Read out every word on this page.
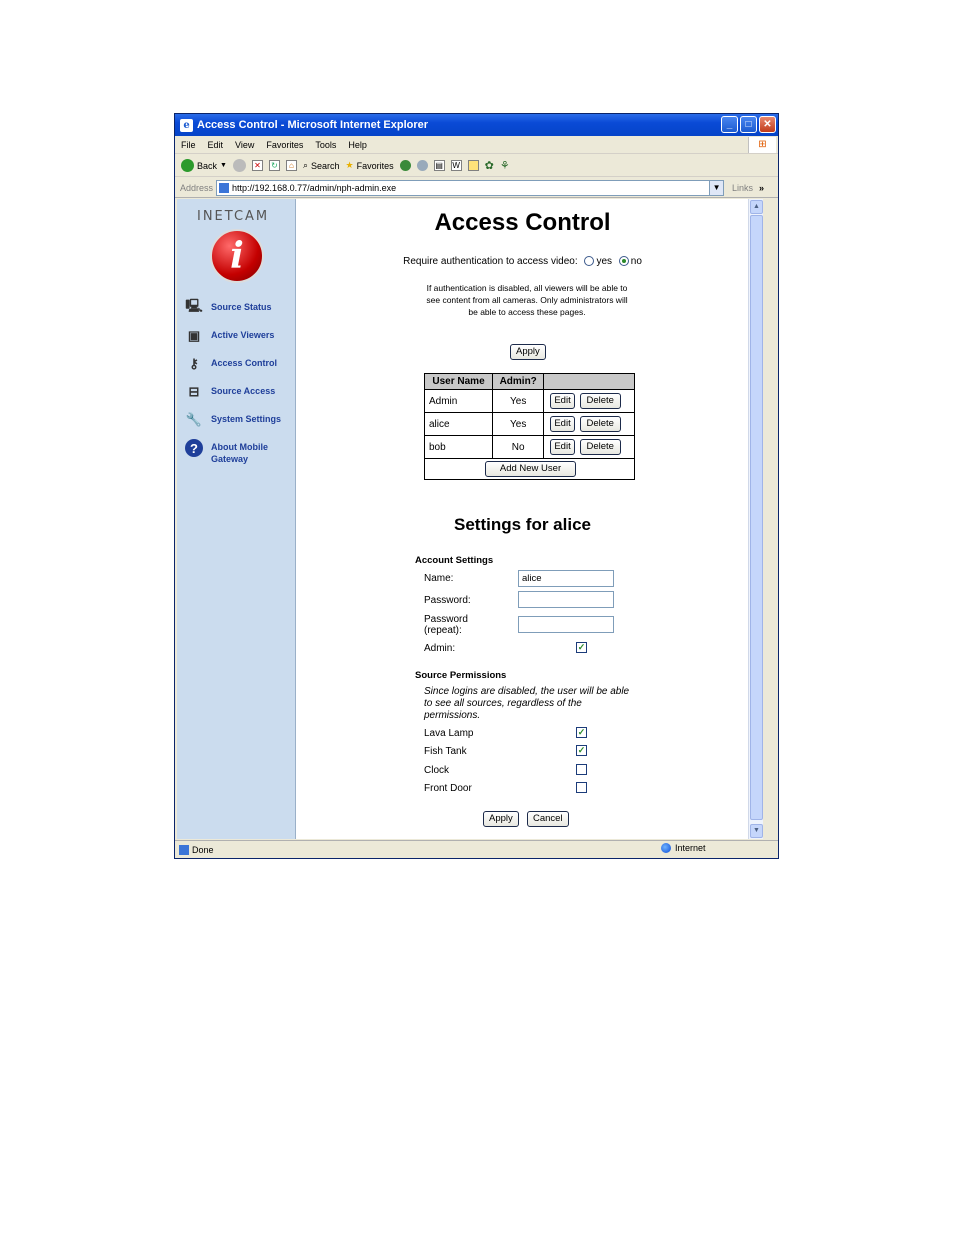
e Access Control - Microsoft Internet Explorer	_	□	✕
File Edit View Favorites Tools Help	⊞
Back ▼	✕ ↻	⌂	⌕ Search ★ Favorites	▤ W ✿ ⚘
Address http://192.168.0.77/admin/nph-admin.exe	▼ Links »
INETCAM
i
🖳 Source Status
▣	Active Viewers
⚷	Access Control
⊟	Source Access
🔧 System Settings
?	About Mobile Gateway
Access Control
Require authentication to access video: yes no
If authentication is disabled, all viewers will be able to see content from all cameras. Only administrators will be able to access these pages.
Apply
User Name	Admin?	
Admin	Yes	Edit Delete
alice	Yes	Edit Delete
bob	No	Edit Delete
Add New User		
Settings for alice
Account Settings
Name:	alice
Password:
Password (repeat):
Admin:	✓
Source Permissions
Since logins are disabled, the user will be able to see all sources, regardless of the permissions.
Lava Lamp	✓
Fish Tank	✓
Clock
Front Door
Apply	Cancel
▲
▼
Done	Internet
